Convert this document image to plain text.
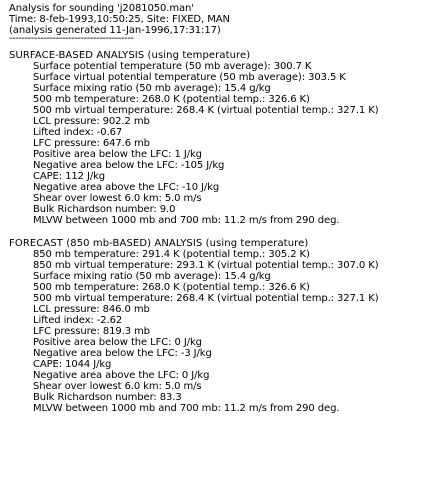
Analysis for sounding 'j2081050.man'
Time: 8-feb-1993,10:50:25, Site: FIXED, MAN
(analysis generated 11-Jan-1996,17:31:17)
----------------------------------------
SURFACE-BASED ANALYSIS (using temperature)
Surface potential temperature (50 mb average): 300.7 K
Surface virtual potential temperature (50 mb average): 303.5 K
Surface mixing ratio (50 mb average): 15.4 g/kg
500 mb temperature: 268.0 K (potential temp.: 326.6 K)
500 mb virtual temperature: 268.4 K (virtual potential temp.: 327.1 K)
LCL pressure: 902.2 mb
Lifted index: -0.67
LFC pressure: 647.6 mb
Positive area below the LFC: 1 J/kg
Negative area below the LFC: -105 J/kg
CAPE: 112 J/kg
Negative area above the LFC: -10 J/kg
Shear over lowest 6.0 km: 5.0 m/s
Bulk Richardson number: 9.0
MLVW between 1000 mb and 700 mb: 11.2 m/s from 290 deg.
FORECAST (850 mb-BASED) ANALYSIS (using temperature)
850 mb temperature: 291.4 K (potential temp.: 305.2 K)
850 mb virtual temperature: 293.1 K (virtual potential temp.: 307.0 K)
Surface mixing ratio (50 mb average): 15.4 g/kg
500 mb temperature: 268.0 K (potential temp.: 326.6 K)
500 mb virtual temperature: 268.4 K (virtual potential temp.: 327.1 K)
LCL pressure: 846.0 mb
Lifted index: -2.62
LFC pressure: 819.3 mb
Positive area below the LFC: 0 J/kg
Negative area below the LFC: -3 J/kg
CAPE: 1044 J/kg
Negative area above the LFC: 0 J/kg
Shear over lowest 6.0 km: 5.0 m/s
Bulk Richardson number: 83.3
MLVW between 1000 mb and 700 mb: 11.2 m/s from 290 deg.
